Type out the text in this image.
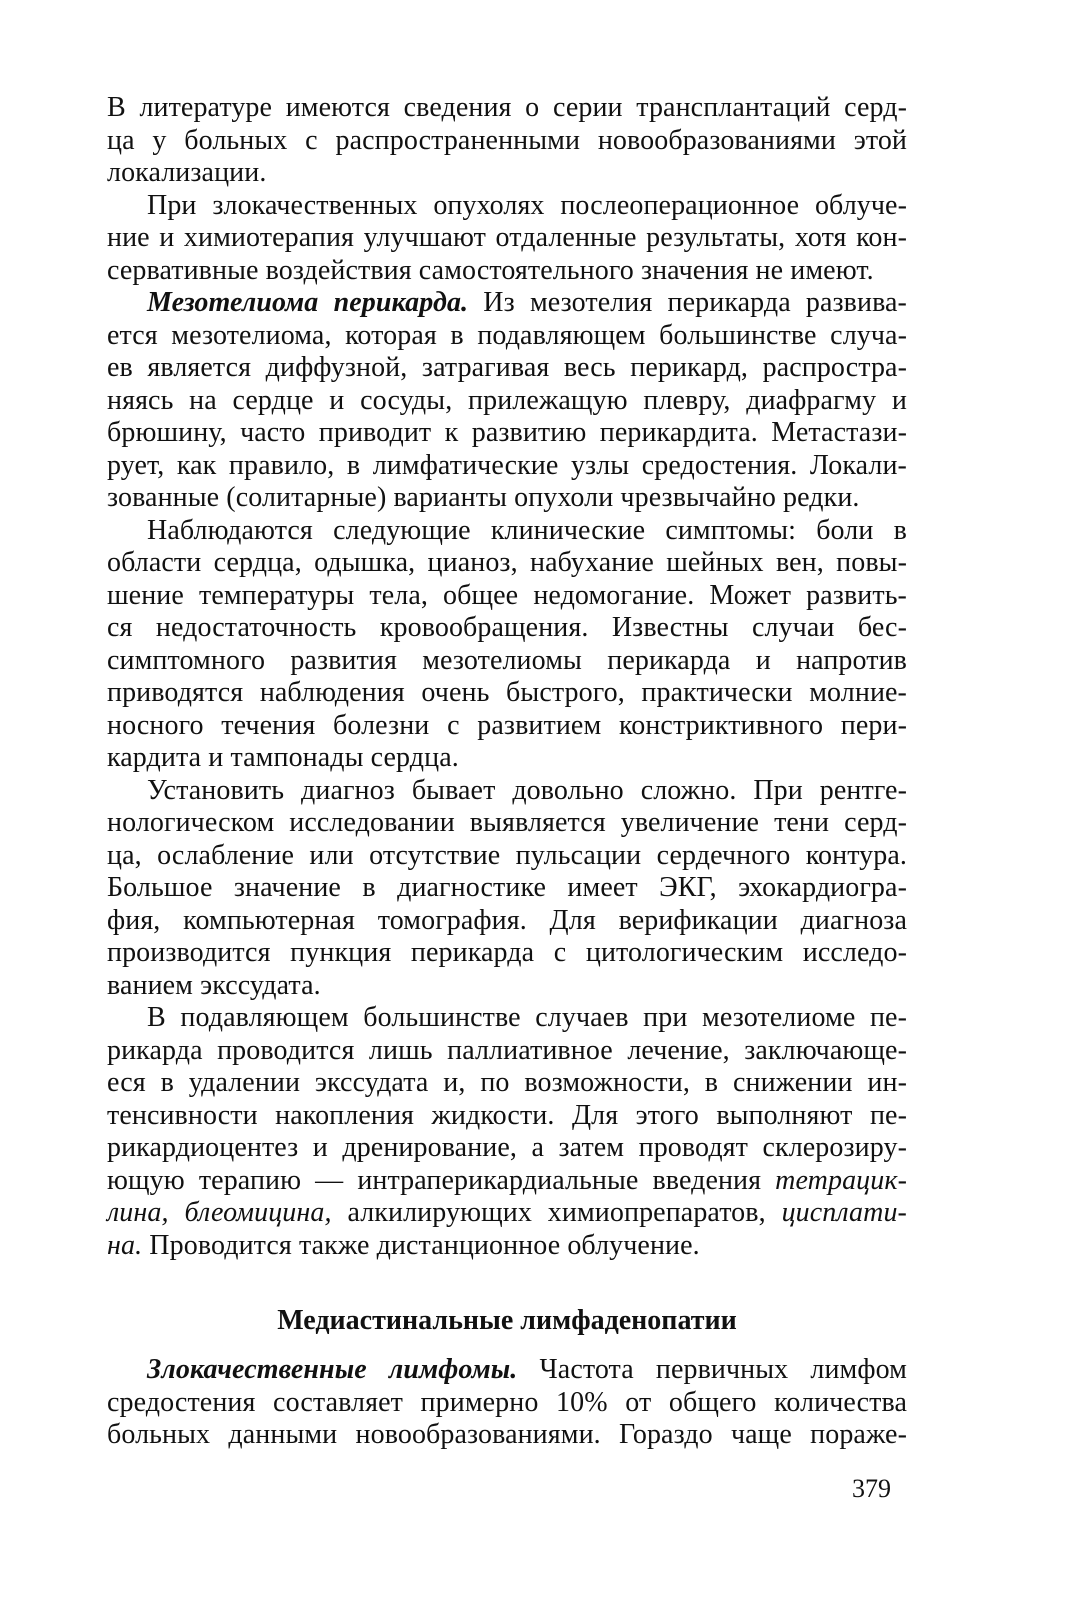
В литературе имеются сведения о серии трансплантаций серд-
ца у больных с распространенными новообразованиями этой
локализации.
При злокачественных опухолях послеоперационное облуче-
ние и химиотерапия улучшают отдаленные результаты, хотя кон-
сервативные воздействия самостоятельного значения не имеют.
Мезотелиома перикарда. Из мезотелия перикарда развива-
ется мезотелиома, которая в подавляющем большинстве случа-
ев является диффузной, затрагивая весь перикард, распростра-
няясь на сердце и сосуды, прилежащую плевру, диафрагму и
брюшину, часто приводит к развитию перикардита. Метастази-
рует, как правило, в лимфатические узлы средостения. Локали-
зованные (солитарные) варианты опухоли чрезвычайно редки.
Наблюдаются следующие клинические симптомы: боли в
области сердца, одышка, цианоз, набухание шейных вен, повы-
шение температуры тела, общее недомогание. Может развить-
ся недостаточность кровообращения. Известны случаи бес-
симптомного развития мезотелиомы перикарда и напротив
приводятся наблюдения очень быстрого, практически молние-
носного течения болезни с развитием констриктивного пери-
кардита и тампонады сердца.
Установить диагноз бывает довольно сложно. При рентге-
нологическом исследовании выявляется увеличение тени серд-
ца, ослабление или отсутствие пульсации сердечного контура.
Большое значение в диагностике имеет ЭКГ, эхокардиогра-
фия, компьютерная томография. Для верификации диагноза
производится пункция перикарда с цитологическим исследо-
ванием экссудата.
В подавляющем большинстве случаев при мезотелиоме пе-
рикарда проводится лишь паллиативное лечение, заключающе-
еся в удалении экссудата и, по возможности, в снижении ин-
тенсивности накопления жидкости. Для этого выполняют пе-
рикардиоцентез и дренирование, а затем проводят склерозиру-
ющую терапию — интраперикардиальные введения тетрацик-
лина, блеомицина, алкилирующих химиопрепаратов, цисплати-
на. Проводится также дистанционное облучение.
Медиастинальные лимфаденопатии
Злокачественные лимфомы. Частота первичных лимфом
средостения составляет примерно 10% от общего количества
больных данными новообразованиями. Гораздо чаще пораже-
379
